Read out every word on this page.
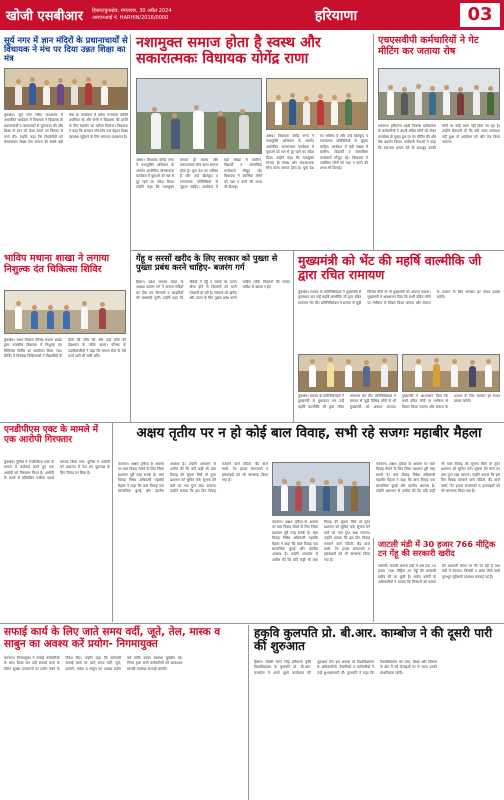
खोजी एसबीआर	हिसार/कुरुक्षेत्र, मंगलवार, 30 अप्रैल 2024
आरएनआई नं. HARHIN/2016/0000	हरियाणा	03
सूर्य नगर में ज्ञान मंदिरों के प्रधानाचार्यों से विधायक ने मंच पर दिया उन्नत शिक्षा का मंत्र
कुरुक्षेत्र। सूर्य नगर स्थित पाठशाला में आयोजित कार्यक्रम में विधायक ने विद्यालय के प्रधानाचार्यों व अध्यापकों से मुलाकात की और शिक्षा के स्तर को ऊँचा उठाने पर विस्तार से चर्चा की। उन्होंने कहा कि विद्यार्थियों को संस्कारवान शिक्षा देना समाज की सबसे बड़ी सेवा है। कार्यक्रम में अनेक गणमान्य व्यक्ति उपस्थित रहे और सभी ने विद्यालय की प्रगति के लिए सहयोग का भरोसा दिलाया। विधायक ने कहा कि सरकार गाँव-गाँव तक बेहतर शिक्षा व्यवस्था पहुँचाने के लिए लगातार प्रयासरत है।
नशामुक्त समाज होता है स्वस्थ और सकारात्मकः विधायक योगेंद्र राणा
असंध। विधायक योगेंद्र राणा ने नशामुक्ति अभियान के अंतर्गत आयोजित जागरूकता कार्यक्रम में युवाओं को नशे से दूर रहने का संदेश दिया। उन्होंने कहा कि नशामुक्त समाज ही स्वस्थ और सकारात्मक सोच वाला समाज होता है। युवा देश का भविष्य हैं और उन्हें खेलकूद व रचनात्मक गतिविधियों से जुड़ना चाहिए। कार्यक्रम में बड़ी संख्या में ग्रामीण, विद्यार्थी व सामाजिक कार्यकर्ता मौजूद रहे। विधायक ने उपस्थित लोगों को नशा न करने की शपथ भी दिलाई।
असंध। विधायक योगेंद्र राणा ने नशामुक्ति अभियान के अंतर्गत आयोजित जागरूकता कार्यक्रम में युवाओं को नशे से दूर रहने का संदेश दिया। उन्होंने कहा कि नशामुक्त समाज ही स्वस्थ और सकारात्मक सोच वाला समाज होता है। युवा देश का भविष्य हैं और उन्हें खेलकूद व रचनात्मक गतिविधियों से जुड़ना चाहिए। कार्यक्रम में बड़ी संख्या में ग्रामीण, विद्यार्थी व सामाजिक कार्यकर्ता मौजूद रहे। विधायक ने उपस्थित लोगों को नशा न करने की शपथ भी दिलाई।
एचएसवीपी कर्मचारियों ने गेट मीटिंग कर जताया रोष
करनाल। हरियाणा शहरी विकास प्राधिकरण के कर्मचारियों ने अपनी लंबित माँगों को लेकर कार्यालय के मुख्य द्वार पर गेट मीटिंग की और रोष प्रदर्शन किया। कर्मचारी नेताओं ने कहा कि बार-बार ज्ञापन देने के बावजूद उनकी माँगों पर कोई ध्यान नहीं दिया जा रहा है। उन्होंने चेतावनी दी कि यदि जल्द समाधान नहीं हुआ तो आंदोलन को और तेज किया जाएगा।
भाविप मथाना शाखा ने लगाया निशुल्क दंत चिकित्सा शिविर
कुरुक्षेत्र। भारत विकास परिषद मथाना शाखा द्वारा राजकीय विद्यालय में निशुल्क दंत चिकित्सा शिविर का आयोजन किया गया। शिविर में विशेषज्ञ चिकित्सकों ने विद्यार्थियों के दाँतों की जाँच की और उन्हें दाँतों की देखभाल के तरीके बताए। परिषद के पदाधिकारियों ने कहा कि समाज सेवा के ऐसे कार्य आगे भी जारी रहेंगे।
गेंहू व सरसों खरीद के लिए सरकार को पुख्ता से पुख्ता प्रबंध करने चाहिए- बजरंग गर्ग
हिसार। प्रदेश व्यापार मंडल के अध्यक्ष बजरंग गर्ग ने अनाज मंडियों का दौरा कर किसानों व आढ़तियों की समस्याएँ सुनीं। उन्होंने कहा कि मंडियों में गेहूँ व सरसों का उठान धीमा होने से किसानों को भारी परेशानी हो रही है। सरकार को खरीद और उठान के लिए पुख्ता प्रबंध करने चाहिए ताकि किसानों की फसल बारिश से खराब न हो।
मुख्यमंत्री को भेंट की महर्षि वाल्मीकि जी द्वारा रचित रामायण
कुरुक्षेत्र। समाज के प्रतिनिधिमंडल ने मुख्यमंत्री से मुलाकात कर उन्हें महर्षि वाल्मीकि जी द्वारा रचित रामायण भेंट की। प्रतिनिधिमंडल ने समाज से जुड़ी विभिन्न माँगों से भी मुख्यमंत्री को अवगत कराया। मुख्यमंत्री ने आश्वासन दिया कि सभी उचित माँगों पर गंभीरता से विचार किया जाएगा और समाज के उत्थान के लिए सरकार हर संभव प्रयास करेगी।
कुरुक्षेत्र। समाज के प्रतिनिधिमंडल ने मुख्यमंत्री से मुलाकात कर उन्हें महर्षि वाल्मीकि जी द्वारा रचित रामायण भेंट की। प्रतिनिधिमंडल ने समाज से जुड़ी विभिन्न माँगों से भी मुख्यमंत्री को अवगत कराया। मुख्यमंत्री ने आश्वासन दिया कि सभी उचित माँगों पर गंभीरता से विचार किया जाएगा और समाज के उत्थान के लिए सरकार हर संभव प्रयास करेगी।
एनडीपीएस एक्ट के मामले में एक आरोपी गिरफ्तार
कुरुक्षेत्र। पुलिस ने एनडीपीएस एक्ट के मामले में कार्रवाई करते हुए एक आरोपी को गिरफ्तार किया है। आरोपी के कब्जे से प्रतिबंधित नशीला पदार्थ बरामद किया गया। पुलिस ने आरोपी को अदालत में पेश कर पूछताछ के लिए रिमांड पर लिया है।
अक्षय तृतीय पर न हो कोई बाल विवाह, सभी रहे सजगः महाबीर मैहला
करनाल। अक्षय तृतीया के अवसर पर बाल विवाह रोकने के लिए जिला प्रशासन पूरी तरह सतर्क है। बाल विवाह निषेध अधिकारी महाबीर मैहला ने कहा कि बाल विवाह एक सामाजिक बुराई और दंडनीय अपराध है। उन्होंने आमजन से अपील की कि यदि कहीं भी बाल विवाह की सूचना मिले तो तुरंत प्रशासन को सूचित करें। सूचना देने वाले का नाम गुप्त रखा जाएगा। उन्होंने बताया कि इस दिन विवाह करवाने वाले पंडितों, बैंड बाजे वालों, टेंट हाउस संचालकों व हलवाइयों को भी जागरूक किया गया है।
करनाल। अक्षय तृतीया के अवसर पर बाल विवाह रोकने के लिए जिला प्रशासन पूरी तरह सतर्क है। बाल विवाह निषेध अधिकारी महाबीर मैहला ने कहा कि बाल विवाह एक सामाजिक बुराई और दंडनीय अपराध है। उन्होंने आमजन से अपील की कि यदि कहीं भी बाल विवाह की सूचना मिले तो तुरंत प्रशासन को सूचित करें। सूचना देने वाले का नाम गुप्त रखा जाएगा। उन्होंने बताया कि इस दिन विवाह करवाने वाले पंडितों, बैंड बाजे वालों, टेंट हाउस संचालकों व हलवाइयों को भी जागरूक किया गया है।
करनाल। अक्षय तृतीया के अवसर पर बाल विवाह रोकने के लिए जिला प्रशासन पूरी तरह सतर्क है। बाल विवाह निषेध अधिकारी महाबीर मैहला ने कहा कि बाल विवाह एक सामाजिक बुराई और दंडनीय अपराध है। उन्होंने आमजन से अपील की कि यदि कहीं भी बाल विवाह की सूचना मिले तो तुरंत प्रशासन को सूचित करें। सूचना देने वाले का नाम गुप्त रखा जाएगा। उन्होंने बताया कि इस दिन विवाह करवाने वाले पंडितों, बैंड बाजे वालों, टेंट हाउस संचालकों व हलवाइयों को भी जागरूक किया गया है।
जाटली मंडी में 30 हजार 766 मीट्रिक टन गेंहू की सरकारी खरीद
जाटली। जाटली अनाज मंडी में अब तक 30 हजार 766 मीट्रिक टन गेहूँ की सरकारी खरीद की जा चुकी है। मार्केट कमेटी के अधिकारियों ने बताया कि किसानों को फसल की अदायगी समय पर की जा रही है तथा मंडी में पेयजल, बिजली व छाया जैसी सभी मूलभूत सुविधाएँ उपलब्ध करवाई गई हैं।
सफाई कार्य के लिए जाते समय वर्दी, जूते, तेल, मास्क व साबुन का अवश्य करें प्रयोग- निगमायुक्त
करनाल। निगमायुक्त ने सफाई कर्मचारियों के साथ बैठक कर उन्हें सफाई कार्य के दौरान सुरक्षा उपकरणों का प्रयोग करने के निर्देश दिए। उन्होंने कहा कि कर्मचारी सफाई कार्य पर जाते समय वर्दी, जूते, दस्ताने, मास्क व साबुन का अवश्य प्रयोग करें ताकि उनका स्वास्थ्य सुरक्षित रहे। निगम द्वारा सभी कर्मचारियों को आवश्यक सामग्री उपलब्ध करवाई जाएगी।
हकृवि कुलपति प्रो. बी.आर. काम्बोज ने की दूसरी पारी की शुरुआत
हिसार। चौधरी चरण सिंह हरियाणा कृषि विश्वविद्यालय के कुलपति प्रो. बी.आर. काम्बोज ने अपने दूसरे कार्यकाल की शुरुआत की। इस अवसर पर विश्वविद्यालय के अधिकारियों, वैज्ञानिकों व कर्मचारियों ने उन्हें शुभकामनाएँ दीं। कुलपति ने कहा कि विश्वविद्यालय को शोध, शिक्षा और विस्तार के क्षेत्र में नई ऊँचाइयों पर ले जाना उनकी प्राथमिकता रहेगी।
